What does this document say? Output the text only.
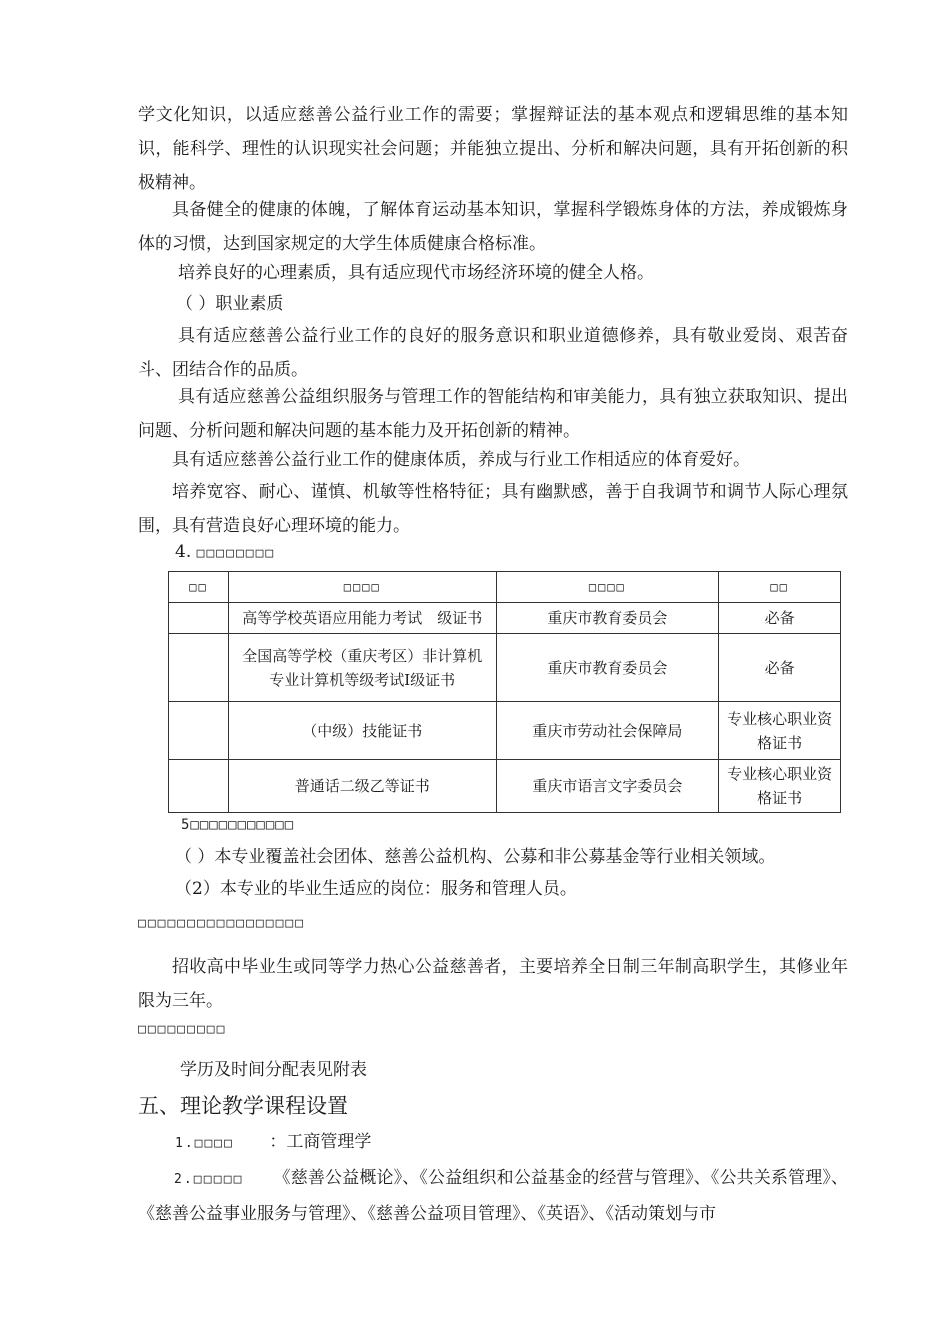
学文化知识，以适应慈善公益行业工作的需要；掌握辩证法的基本观点和逻辑思维的基本知识，能科学、理性的认识现实社会问题；并能独立提出、分析和解决问题，具有开拓创新的积极精神。
具备健全的健康的体魄，了解体育运动基本知识，掌握科学锻炼身体的方法，养成锻炼身体的习惯，达到国家规定的大学生体质健康合格标准。
培养良好的心理素质，具有适应现代市场经济环境的健全人格。
（ ）职业素质
具有适应慈善公益行业工作的良好的服务意识和职业道德修养，具有敬业爱岗、艰苦奋斗、团结合作的品质。
具有适应慈善公益组织服务与管理工作的智能结构和审美能力，具有独立获取知识、提出问题、分析问题和解决问题的基本能力及开拓创新的精神。
具有适应慈善公益行业工作的健康体质，养成与行业工作相适应的体育爱好。
培养宽容、耐心、谨慎、机敏等性格特征；具有幽默感，善于自我调节和调节人际心理氛围，具有营造良好心理环境的能力。
4. □□□□□□□□
□□	□□□□	□□□□	□□
	高等学校英语应用能力考试　级证书	重庆市教育委员会	必备
	全国高等学校（重庆考区）非计算机专业计算机等级考试Ⅰ级证书	重庆市教育委员会	必备
	（中级）技能证书	重庆市劳动社会保障局	专业核心职业资格证书
	普通话二级乙等证书	重庆市语言文字委员会	专业核心职业资格证书
5□□□□□□□□□□□
（ ）本专业覆盖社会团体、慈善公益机构、公募和非公募基金等行业相关领域。
（2）本专业的毕业生适应的岗位：服务和管理人员。
□□□□□□□□□□□□□□□□□
招收高中毕业生或同等学力热心公益慈善者，主要培养全日制三年制高职学生，其修业年限为三年。
□□□□□□□□□
学历及时间分配表见附表
五、理论教学课程设置
1.□□□□ ：工商管理学
2.□□□□□ 《慈善公益概论》、《公益组织和公益基金的经营与管理》、《公共关系管理》、《慈善公益事业服务与管理》、《慈善公益项目管理》、《英语》、《活动策划与市
